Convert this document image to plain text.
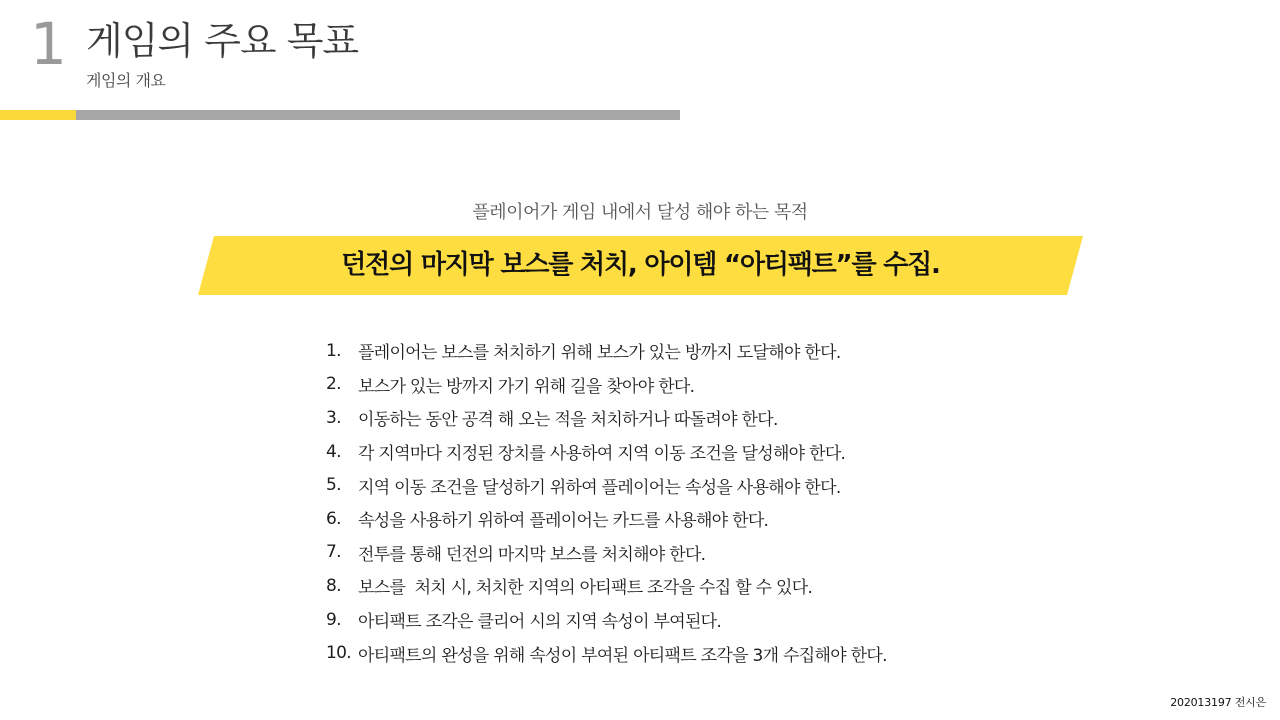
1 게임의 주요 목표
게임의 개요
플레이어가 게임 내에서 달성 해야 하는 목적
던전의 마지막 보스를 처치, 아이템 “아티팩트”를 수집.
1.	플레이어는 보스를 처치하기 위해 보스가 있는 방까지 도달해야 한다.
2.	보스가 있는 방까지 가기 위해 길을 찾아야 한다.
3.	이동하는 동안 공격 해 오는 적을 처치하거나 따돌려야 한다.
4.	각 지역마다 지정된 장치를 사용하여 지역 이동 조건을 달성해야 한다.
5.	지역 이동 조건을 달성하기 위하여 플레이어는 속성을 사용해야 한다.
6.	속성을 사용하기 위하여 플레이어는 카드를 사용해야 한다.
7.	전투를 통해 던전의 마지막 보스를 처치해야 한다.
8.	보스를  처치 시, 처치한 지역의 아티팩트 조각을 수집 할 수 있다.
9.	아티팩트 조각은 클리어 시의 지역 속성이 부여된다.
10. 아티팩트의 완성을 위해 속성이 부여된 아티팩트 조각을 3개 수집해야 한다.
202013197 전시은
